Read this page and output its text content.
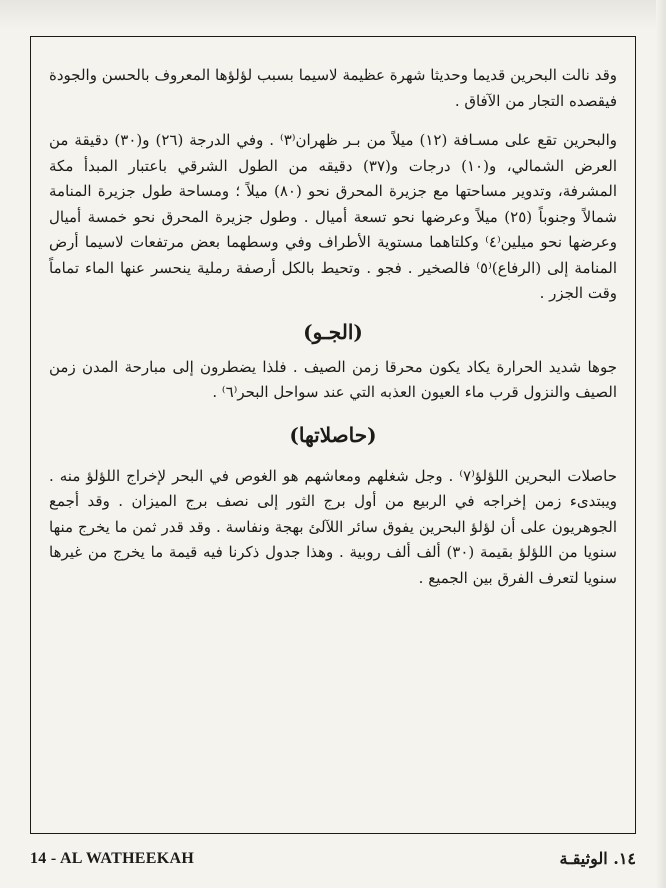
وقد نالت البحرين قديما وحديثا شهرة عظيمة لاسيما بسبب لؤلؤها المعروف بالحسن والجودة فيقصده التجار من الآفاق .

والبحرين تقع على مسـافة (١٢) ميلاً من بـر ظهران⁽٣⁾ . وفي الدرجة (٢٦) و(٣٠) دقيقة من العرض الشمالي، و(١٠) درجات و(٣٧) دقيقه من الطول الشرقي باعتبار المبدأ مكة المشرفة، وتدوير مساحتها مع جزيرة المحرق نحو (٨٠) ميلاً ؛ ومساحة طول جزيرة المنامة شمالاً وجنوباً (٢٥) ميلاً وعرضها نحو تسعة أميال . وطول جزيرة المحرق نحو خمسة أميال وعرضها نحو ميلين⁽٤⁾ وكلتاهما مستوية الأطراف وفي وسطهما بعض مرتفعات لاسيما أرض المنامة إلى (الرفاع)⁽٥⁾ فالصخير . فجو . وتحيط بالكل أرصفة رملية ينحسر عنها الماء تماماً وقت الجزر .

(الجـو)

جوها شديد الحرارة يكاد يكون محرقا زمن الصيف . فلذا يضطرون إلى مبارحة المدن زمن الصيف والنزول قرب ماء العيون العذبه التي عند سواحل البحر⁽٦⁾ .

(حاصلاتها)

حاصلات البحرين اللؤلؤ⁽٧⁾ . وجل شغلهم ومعاشهم هو الغوص في البحر لإخراج اللؤلؤ منه . ويبتدىء زمن إخراجه في الربيع من أول برج الثور إلى نصف برج الميزان . وقد أجمع الجوهريون على أن لؤلؤ البحرين يفوق سائر اللآلئ بهجة ونفاسة . وقد قدر ثمن ما يخرج منها سنويا من اللؤلؤ بقيمة (٣٠) ألف ألف روبية . وهذا جدول ذكرنا فيه قيمة ما يخرج من غيرها سنويا لتعرف الفرق بين الجميع .

14 - AL WATHEEKAH	١٤. الوثيقـة
